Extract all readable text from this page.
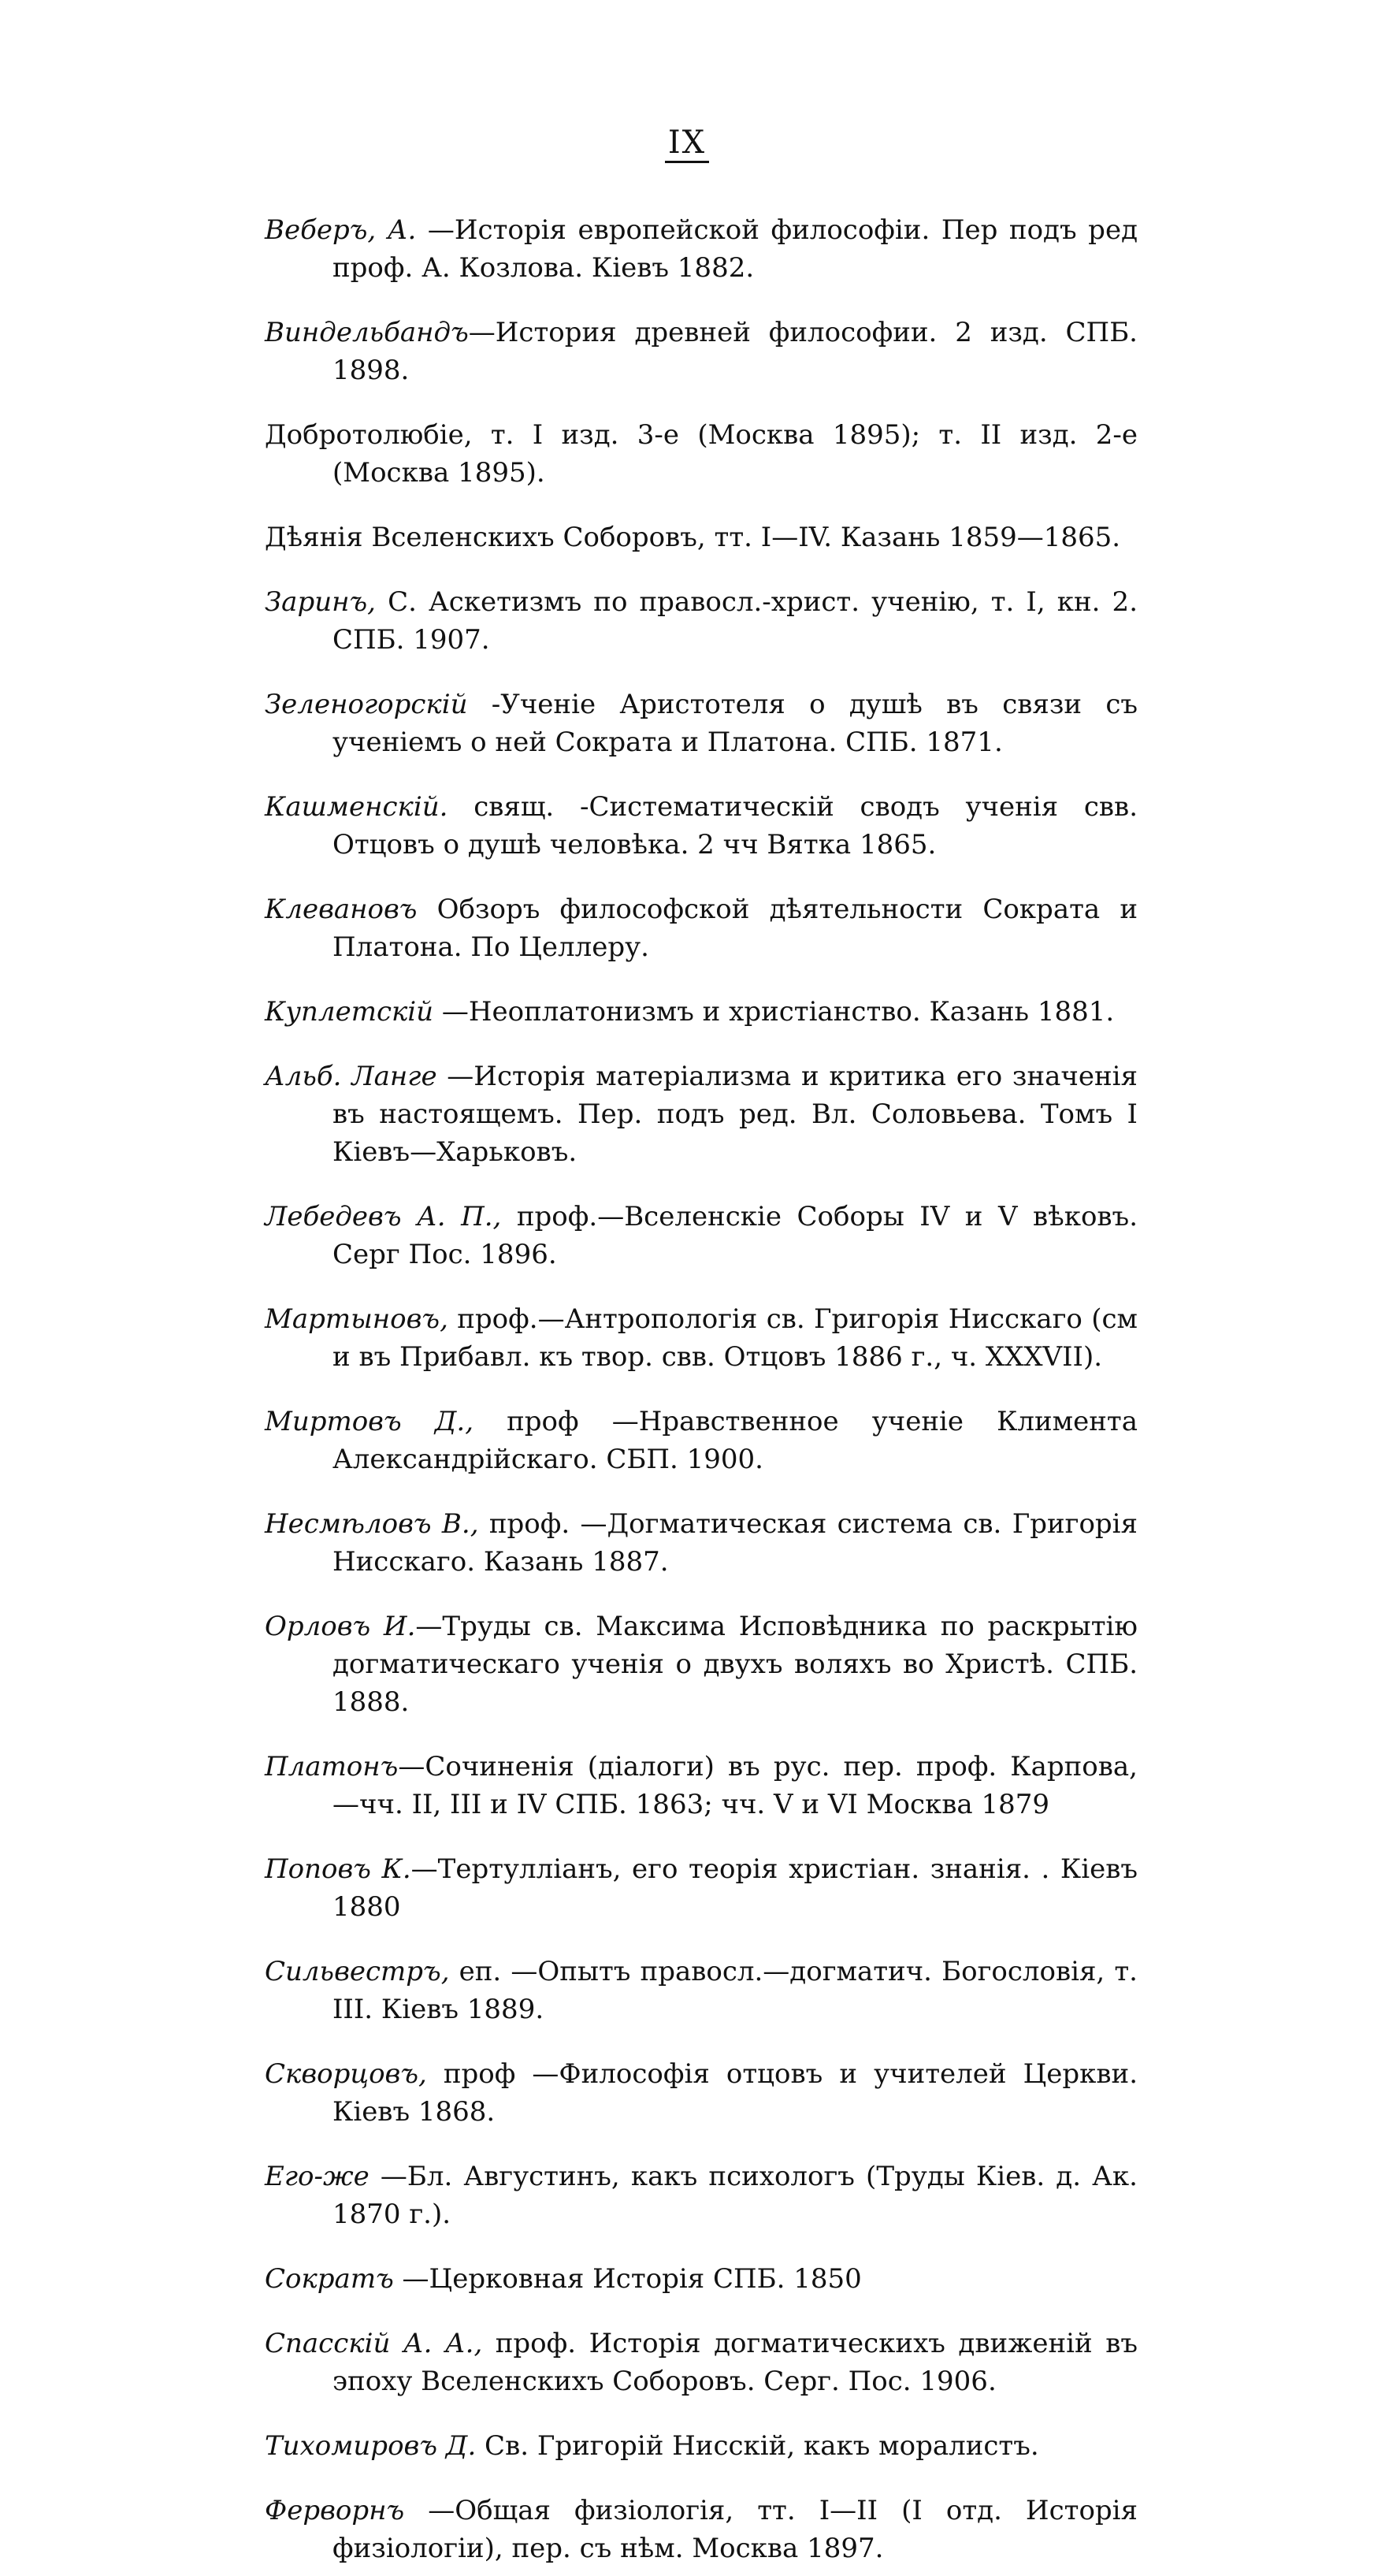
IX

Веберъ, А. —Исторія европейской философіи. Пер подъ ред проф. А. Козлова. Кіевъ 1882.

Виндельбандъ—История древней философии. 2 изд. СПБ. 1898.

Добротолюбіе, т. I изд. 3-е (Москва 1895); т. II изд. 2-е (Москва 1895).

Дѣянія Вселенскихъ Соборовъ, тт. I—IV. Казань 1859—1865.

Заринъ, С. Аскетизмъ по правосл.-христ. ученію, т. I, кн. 2. СПБ. 1907.

Зеленогорскій -Ученіе Аристотеля о душѣ въ связи съ ученіемъ о ней Сократа и Платона. СПБ. 1871.

Кашменскій. свящ. -Систематическій сводъ ученія свв. Отцовъ о душѣ человѣка. 2 чч Вятка 1865.

Клевановъ Обзоръ философской дѣятельности Сократа и Платона. По Целлеру.

Куплетскій —Неоплатонизмъ и христіанство. Казань 1881.

Альб. Ланге —Исторія матеріализма и критика его значенія въ настоящемъ. Пер. подъ ред. Вл. Соловьева. Томъ I Кіевъ—Харьковъ.

Лебедевъ А. П., проф.—Вселенскіе Соборы IV и V вѣковъ. Серг Пос. 1896.

Мартыновъ, проф.—Антропологія св. Григорія Нисскаго (см и въ Прибавл. къ твор. свв. Отцовъ 1886 г., ч. XXXVII).

Миртовъ Д., проф —Нравственное ученіе Климента Александрійскаго. СБП. 1900.

Несмѣловъ В., проф. —Догматическая система св. Григорія Нисскаго. Казань 1887.

Орловъ И.—Труды св. Максима Исповѣдника по раскрытію догматическаго ученія о двухъ воляхъ во Христѣ. СПБ. 1888.

Платонъ—Сочиненія (діалоги) въ рус. пер. проф. Карпова, —чч. II, III и IV СПБ. 1863; чч. V и VI Москва 1879

Поповъ К.—Тертулліанъ, его теорія христіан. знанія. . Кіевъ 1880

Сильвестръ, еп. —Опытъ правосл.—догматич. Богословія, т. III. Кіевъ 1889.

Скворцовъ, проф —Философія отцовъ и учителей Церкви. Кіевъ 1868.

Его-же —Бл. Августинъ, какъ психологъ (Труды Кіев. д. Ак. 1870 г.).

Сократъ —Церковная Исторія СПБ. 1850

Спасскій А. А., проф. Исторія догматическихъ движеній въ эпоху Вселенскихъ Соборовъ. Серг. Пос. 1906.

Тихомировъ Д. Св. Григорій Нисскій, какъ моралистъ.

Ферворнъ —Общая физіологія, тт. I—II (I отд. Исторія физіологіи), пер. съ нѣм. Москва 1897.
